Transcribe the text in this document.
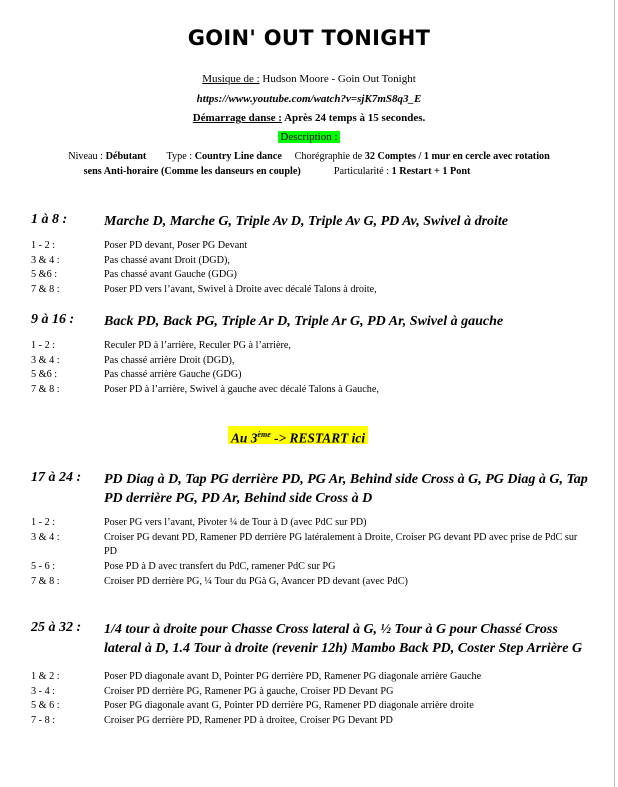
GOIN' OUT TONIGHT
Musique de : Hudson Moore - Goin Out Tonight
https://www.youtube.com/watch?v=sjK7mS8q3_E
Démarrage danse : Après 24 temps à 15 secondes.
Description :
Niveau : Débutant Type : Country Line dance Chorégraphie de 32 Comptes / 1 mur en cercle avec rotation
sens Anti-horaire (Comme les danseurs en couple)	Particularité : 1 Restart + 1 Pont
1 à 8 :	Marche D, Marche G, Triple Av D, Triple Av G, PD Av, Swivel à droite
1 - 2 :	Poser PD devant, Poser PG Devant
3 & 4 :	Pas chassé avant Droit (DGD),
5 &6 :	Pas chassé avant Gauche (GDG)
7 & 8 :	Poser PD vers l’avant, Swivel à Droite avec décalé Talons à droite,
9 à 16 : Back PD, Back PG, Triple Ar D, Triple Ar G, PD Ar, Swivel à gauche
1 - 2 :	Reculer PD à l’arrière, Reculer PG à l’arrière,
3 & 4 :	Pas chassé arrière Droit (DGD),
5 &6 :	Pas chassé arrière Gauche (GDG)
7 & 8 :	Poser PD à l’arrière, Swivel à gauche avec décalé Talons à Gauche,
Au 3ème -> RESTART ici
17 à 24 : PD Diag à D, Tap PG derrière PD, PG Ar, Behind side Cross à G, PG Diag à G, Tap PD derrière PG, PD Ar, Behind side Cross à D
1 - 2 :	Poser PG vers l’avant, Pivoter ¼ de Tour à D (avec PdC sur PD)
3 & 4 :	Croiser PG devant PD, Ramener PD derrière PG latéralement à Droite, Croiser PG devant PD avec prise de PdC sur PD
5 - 6 :	Pose PD à D avec transfert du PdC, ramener PdC sur PG
7 & 8 :	Croiser PD derrière PG, ¼ Tour du PGà G, Avancer PD devant (avec PdC)
25 à 32 : 1/4 tour à droite pour Chasse Cross lateral à G, ½ Tour à G pour Chassé Cross lateral à D, 1.4 Tour à droite (revenir 12h) Mambo Back PD, Coster Step Arrière G
1 & 2 :	Poser PD diagonale avant D, Pointer PG derrière PD, Ramener PG diagonale arrière Gauche
3 - 4 :	Croiser PD derrière PG, Ramener PG à gauche, Croiser PD Devant PG
5 & 6 :	Poser PG diagonale avant G, Pointer PD derrière PG, Ramener PD diagonale arrière droite
7 - 8 :	Croiser PG derrière PD, Ramener PD à droitee, Croiser PG Devant PD
